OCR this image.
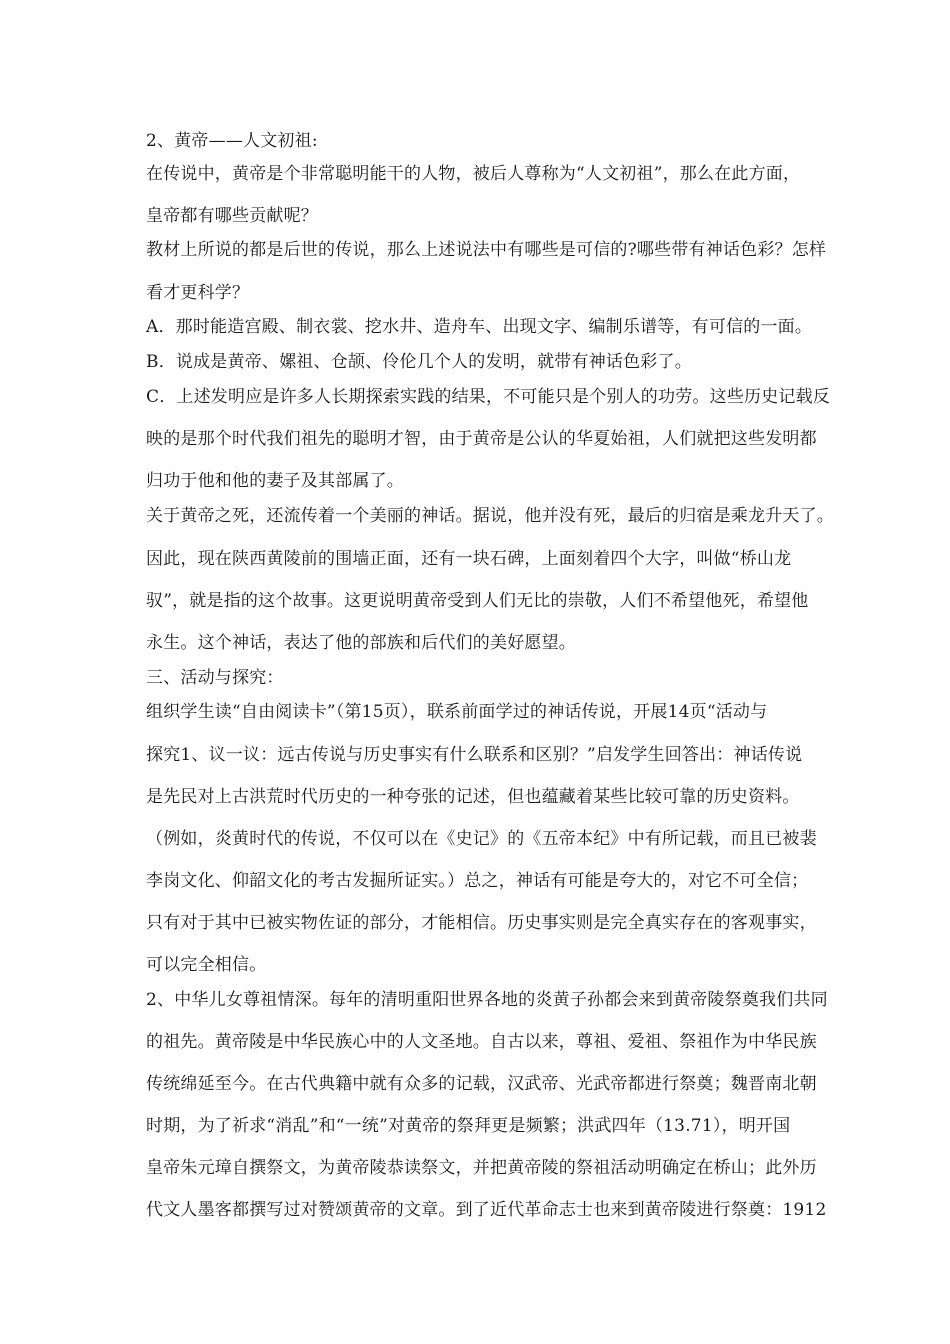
2、黄帝——人文初祖:
在传说中，黄帝是个非常聪明能干的人物，被后人尊称为“人文初祖”，那么在此方面，
皇帝都有哪些贡献呢？
教材上所说的都是后世的传说，那么上述说法中有哪些是可信的?哪些带有神话色彩？怎样
看才更科学？
A．那时能造宫殿、制衣裳、挖水井、造舟车、出现文字、编制乐谱等，有可信的一面。
B．说成是黄帝、嫘祖、仓颉、伶伦几个人的发明，就带有神话色彩了。
C．上述发明应是许多人长期探索实践的结果，不可能只是个别人的功劳。这些历史记载反
映的是那个时代我们祖先的聪明才智，由于黄帝是公认的华夏始祖，人们就把这些发明都
归功于他和他的妻子及其部属了。
关于黄帝之死，还流传着一个美丽的神话。据说，他并没有死，最后的归宿是乘龙升天了。
因此，现在陕西黄陵前的围墙正面，还有一块石碑，上面刻着四个大字，叫做“桥山龙
驭”，就是指的这个故事。这更说明黄帝受到人们无比的崇敬，人们不希望他死，希望他
永生。这个神话，表达了他的部族和后代们的美好愿望。
三、活动与探究：
组织学生读“自由阅读卡”（第15页），联系前面学过的神话传说，开展14页“活动与
探究1、议一议：远古传说与历史事实有什么联系和区别？”启发学生回答出：神话传说
是先民对上古洪荒时代历史的一种夸张的记述，但也蕴藏着某些比较可靠的历史资料。
（例如，炎黄时代的传说，不仅可以在《史记》的《五帝本纪》中有所记载，而且已被裴
李岗文化、仰韶文化的考古发掘所证实。）总之，神话有可能是夸大的，对它不可全信；
只有对于其中已被实物佐证的部分，才能相信。历史事实则是完全真实存在的客观事实，
可以完全相信。
2、中华儿女尊祖情深。每年的清明重阳世界各地的炎黄子孙都会来到黄帝陵祭奠我们共同
的祖先。黄帝陵是中华民族心中的人文圣地。自古以来，尊祖、爱祖、祭祖作为中华民族
传统绵延至今。在古代典籍中就有众多的记载，汉武帝、光武帝都进行祭奠；魏晋南北朝
时期，为了祈求“消乱”和“一统”对黄帝的祭拜更是频繁；洪武四年（13.71），明开国
皇帝朱元璋自撰祭文，为黄帝陵恭读祭文，并把黄帝陵的祭祖活动明确定在桥山；此外历
代文人墨客都撰写过对赞颂黄帝的文章。到了近代革命志士也来到黄帝陵进行祭奠：1912
